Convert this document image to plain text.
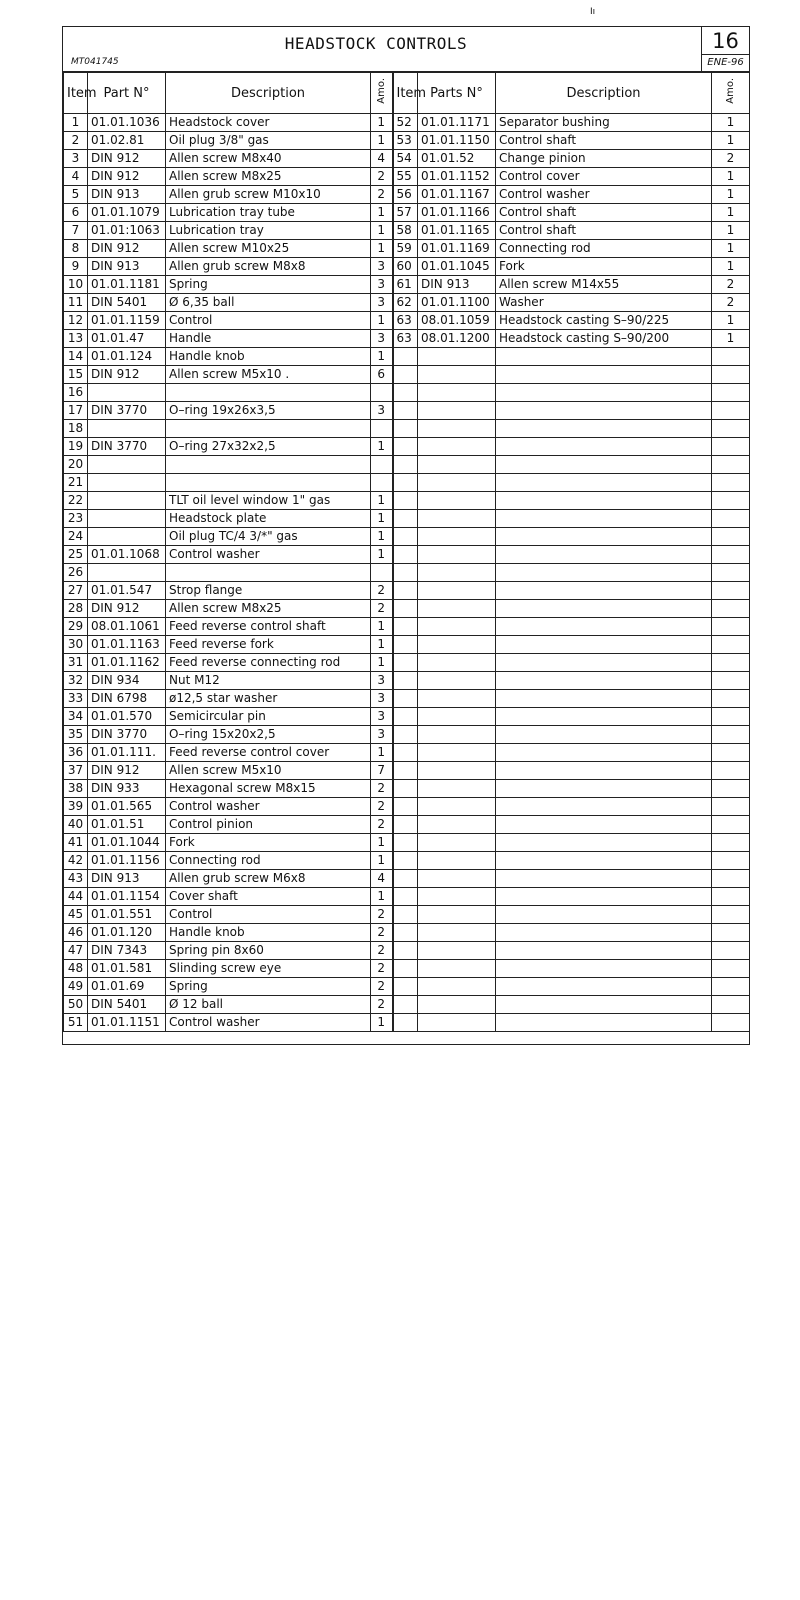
Iı
HEADSTOCK CONTROLS
MT041745
16
ENE-96
Item	Part N°	Description	Amo.	Item	Parts N°	Description	Amo.
1	01.01.1036	Headstock cover	1	52	01.01.1171	Separator bushing	1
2	01.02.81	Oil plug 3/8" gas	1	53	01.01.1150	Control shaft	1
3	DIN 912	Allen screw M8x40	4	54	01.01.52	Change pinion	2
4	DIN 912	Allen screw M8x25	2	55	01.01.1152	Control cover	1
5	DIN 913	Allen grub screw M10x10	2	56	01.01.1167	Control washer	1
6	01.01.1079	Lubrication tray tube	1	57	01.01.1166	Control shaft	1
7	01.01:1063	Lubrication tray	1	58	01.01.1165	Control shaft	1
8	DIN 912	Allen screw M10x25	1	59	01.01.1169	Connecting rod	1
9	DIN 913	Allen grub screw M8x8	3	60	01.01.1045	Fork	1
10	01.01.1181	Spring	3	61	DIN 913	Allen screw M14x55	2
11	DIN 5401	Ø 6,35 ball	3	62	01.01.1100	Washer	2
12	01.01.1159	Control	1	63	08.01.1059	Headstock casting S–90/225	1
13	01.01.47	Handle	3	63	08.01.1200	Headstock casting S–90/200	1
14	01.01.124	Handle knob	1				
15	DIN 912	Allen screw M5x10 .	6				
16							
17	DIN 3770	O–ring 19x26x3,5	3				
18							
19	DIN 3770	O–ring 27x32x2,5	1				
20							
21							
22		TLT oil level window 1" gas	1				
23		Headstock plate	1				
24		Oil plug TC/4 3/*" gas	1				
25	01.01.1068	Control washer	1				
26							
27	01.01.547	Strop flange	2				
28	DIN 912	Allen screw M8x25	2				
29	08.01.1061	Feed reverse control shaft	1				
30	01.01.1163	Feed reverse fork	1				
31	01.01.1162	Feed reverse connecting rod	1				
32	DIN 934	Nut M12	3				
33	DIN 6798	ø12,5 star washer	3				
34	01.01.570	Semicircular pin	3				
35	DIN 3770	O–ring 15x20x2,5	3				
36	01.01.111.	Feed reverse control cover	1				
37	DIN 912	Allen screw M5x10	7				
38	DIN 933	Hexagonal screw M8x15	2				
39	01.01.565	Control washer	2				
40	01.01.51	Control pinion	2				
41	01.01.1044	Fork	1				
42	01.01.1156	Connecting rod	1				
43	DIN 913	Allen grub screw M6x8	4				
44	01.01.1154	Cover shaft	1				
45	01.01.551	Control	2				
46	01.01.120	Handle knob	2				
47	DIN 7343	Spring pin 8x60	2				
48	01.01.581	Slinding screw eye	2				
49	01.01.69	Spring	2				
50	DIN 5401	Ø 12 ball	2				
51	01.01.1151	Control washer	1				
